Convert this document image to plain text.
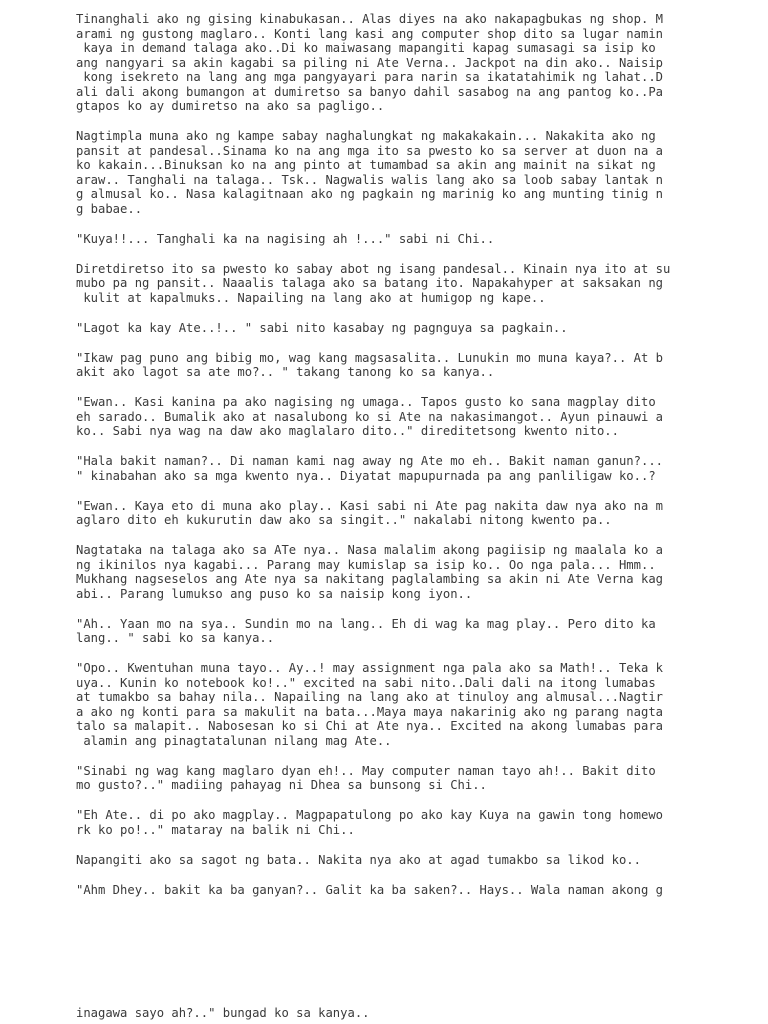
Tinanghali ako ng gising kinabukasan.. Alas diyes na ako nakapagbukas ng shop. M
arami ng gustong maglaro.. Konti lang kasi ang computer shop dito sa lugar namin
kaya in demand talaga ako..Di ko maiwasang mapangiti kapag sumasagi sa isip ko
ang nangyari sa akin kagabi sa piling ni Ate Verna.. Jackpot na din ako.. Naisip
kong isekreto na lang ang mga pangyayari para narin sa ikatatahimik ng lahat..D
ali dali akong bumangon at dumiretso sa banyo dahil sasabog na ang pantog ko..Pa
gtapos ko ay dumiretso na ako sa pagligo..
Nagtimpla muna ako ng kampe sabay naghalungkat ng makakakain... Nakakita ako ng
pansit at pandesal..Sinama ko na ang mga ito sa pwesto ko sa server at duon na a
ko kakain...Binuksan ko na ang pinto at tumambad sa akin ang mainit na sikat ng
araw.. Tanghali na talaga.. Tsk.. Nagwalis walis lang ako sa loob sabay lantak n
g almusal ko.. Nasa kalagitnaan ako ng pagkain ng marinig ko ang munting tinig n
g babae..
"Kuya!!... Tanghali ka na nagising ah !..." sabi ni Chi..
Diretdiretso ito sa pwesto ko sabay abot ng isang pandesal.. Kinain nya ito at su
mubo pa ng pansit.. Naaalis talaga ako sa batang ito. Napakahyper at saksakan ng
kulit at kapalmuks.. Napailing na lang ako at humigop ng kape..
"Lagot ka kay Ate..!.. " sabi nito kasabay ng pagnguya sa pagkain..
"Ikaw pag puno ang bibig mo, wag kang magsasalita.. Lunukin mo muna kaya?.. At b
akit ako lagot sa ate mo?.. " takang tanong ko sa kanya..
"Ewan.. Kasi kanina pa ako nagising ng umaga.. Tapos gusto ko sana magplay dito
eh sarado.. Bumalik ako at nasalubong ko si Ate na nakasimangot.. Ayun pinauwi a
ko.. Sabi nya wag na daw ako maglalaro dito.." direditetsong kwento nito..
"Hala bakit naman?.. Di naman kami nag away ng Ate mo eh.. Bakit naman ganun?...
" kinabahan ako sa mga kwento nya.. Diyatat mapupurnada pa ang panliligaw ko..?
"Ewan.. Kaya eto di muna ako play.. Kasi sabi ni Ate pag nakita daw nya ako na m
aglaro dito eh kukurutin daw ako sa singit.." nakalabi nitong kwento pa..
Nagtataka na talaga ako sa ATe nya.. Nasa malalim akong pagiisip ng maalala ko a
ng ikinilos nya kagabi... Parang may kumislap sa isip ko.. Oo nga pala... Hmm..
Mukhang nagseselos ang Ate nya sa nakitang paglalambing sa akin ni Ate Verna kag
abi.. Parang lumukso ang puso ko sa naisip kong iyon..
"Ah.. Yaan mo na sya.. Sundin mo na lang.. Eh di wag ka mag play.. Pero dito ka
lang.. " sabi ko sa kanya..
"Opo.. Kwentuhan muna tayo.. Ay..! may assignment nga pala ako sa Math!.. Teka k
uya.. Kunin ko notebook ko!.." excited na sabi nito..Dali dali na itong lumabas
at tumakbo sa bahay nila.. Napailing na lang ako at tinuloy ang almusal...Nagtir
a ako ng konti para sa makulit na bata...Maya maya nakarinig ako ng parang nagta
talo sa malapit.. Nabosesan ko si Chi at Ate nya.. Excited na akong lumabas para
alamin ang pinagtatalunan nilang mag Ate..
"Sinabi ng wag kang maglaro dyan eh!.. May computer naman tayo ah!.. Bakit dito
mo gusto?.." madiing pahayag ni Dhea sa bunsong si Chi..
"Eh Ate.. di po ako magplay.. Magpapatulong po ako kay Kuya na gawin tong homewo
rk ko po!.." mataray na balik ni Chi..
Napangiti ako sa sagot ng bata.. Nakita nya ako at agad tumakbo sa likod ko..
"Ahm Dhey.. bakit ka ba ganyan?.. Galit ka ba saken?.. Hays.. Wala naman akong g
inagawa sayo ah?.." bungad ko sa kanya..
